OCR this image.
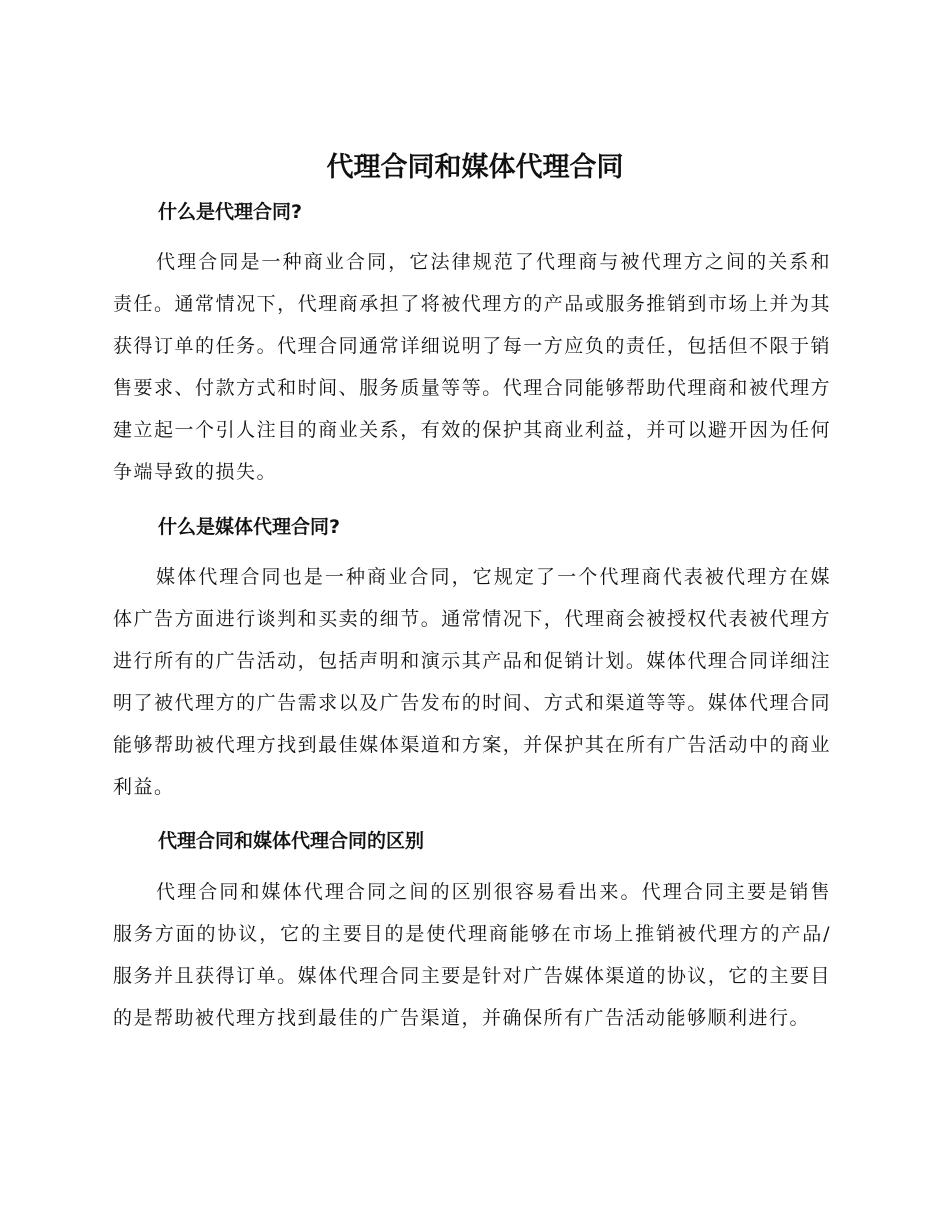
代理合同和媒体代理合同
什么是代理合同?

代理合同是一种商业合同，它法律规范了代理商与被代理方之间的关系和责任。通常情况下，代理商承担了将被代理方的产品或服务推销到市场上并为其获得订单的任务。代理合同通常详细说明了每一方应负的责任，包括但不限于销售要求、付款方式和时间、服务质量等等。代理合同能够帮助代理商和被代理方建立起一个引人注目的商业关系，有效的保护其商业利益，并可以避开因为任何争端导致的损失。

什么是媒体代理合同?

媒体代理合同也是一种商业合同，它规定了一个代理商代表被代理方在媒体广告方面进行谈判和买卖的细节。通常情况下，代理商会被授权代表被代理方进行所有的广告活动，包括声明和演示其产品和促销计划。媒体代理合同详细注明了被代理方的广告需求以及广告发布的时间、方式和渠道等等。媒体代理合同能够帮助被代理方找到最佳媒体渠道和方案，并保护其在所有广告活动中的商业利益。

代理合同和媒体代理合同的区别

代理合同和媒体代理合同之间的区别很容易看出来。代理合同主要是销售服务方面的协议，它的主要目的是使代理商能够在市场上推销被代理方的产品/服务并且获得订单。媒体代理合同主要是针对广告媒体渠道的协议，它的主要目的是帮助被代理方找到最佳的广告渠道，并确保所有广告活动能够顺利进行。
